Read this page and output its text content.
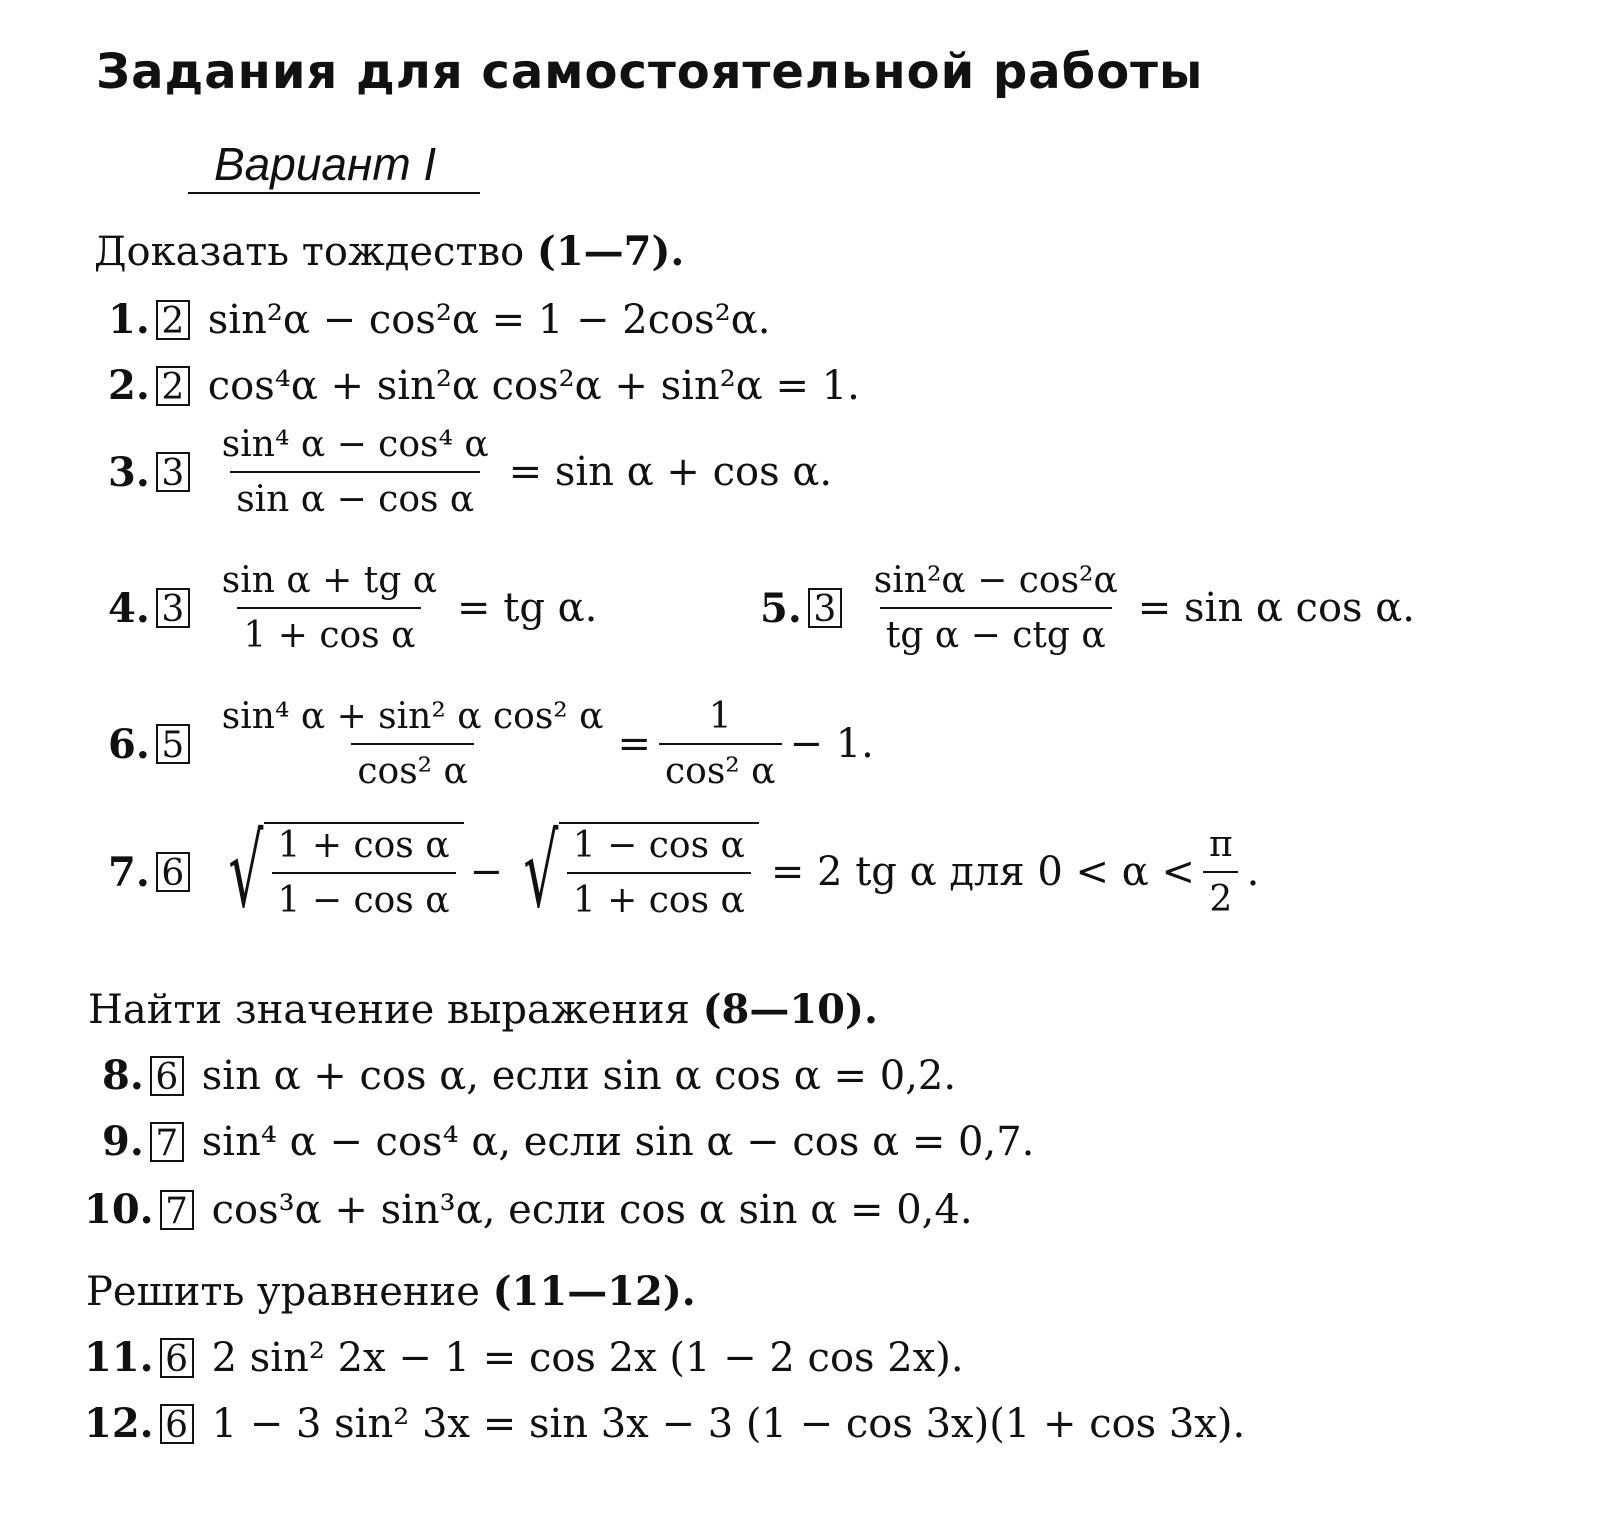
Задания для самостоятельной работы
Вариант I
Доказать тождество (1—7).
1. 2 sin²α − cos²α = 1 − 2cos²α.
2. 2 cos⁴α + sin²α cos²α + sin²α = 1.
3. $3 \frac{\text{sin⁴ α − cos⁴ α}}{\text{sin α − cos α}} = \sin \alpha + \cos \alpha$.
4. $3 \frac{\text{sin α + tg α}}{\text{1 + cos α}}$ = tg α.	5. $3 \frac{\text{sin²α − cos²α}}{\text{tg α − ctg α}} = \sin \alpha$ cos α.
6. $5 \frac{\text{sin⁴ α + sin² α cos² α}}{\text{cos² α}} = \frac{1}{\text{cos² α}} - 1$.
7. 6 √ $\frac{\text{1 + cos α}}{\text{1 − cos α}}$ − √ $\frac{\text{1 − cos α}}{\text{1 + cos α}} = 2$ tg α для $0 < \alpha < \frac{\pi}{2}$ .
Найти значение выражения (8—10).
8. 6 sin α + cos α, если sin α cos α = 0,2.
9. 7 sin⁴ α − cos⁴ α, если sin α − cos α = 0,7.
10. 7 cos³α + sin³α, если cos α sin α = 0,4.
Решить уравнение (11—12).
11. 6 2 sin² 2x − 1 = cos 2x (1 − 2 cos 2x).
12. 6 1 − 3 sin² 3x = sin 3x − 3 (1 − cos 3x)(1 + cos 3x).
